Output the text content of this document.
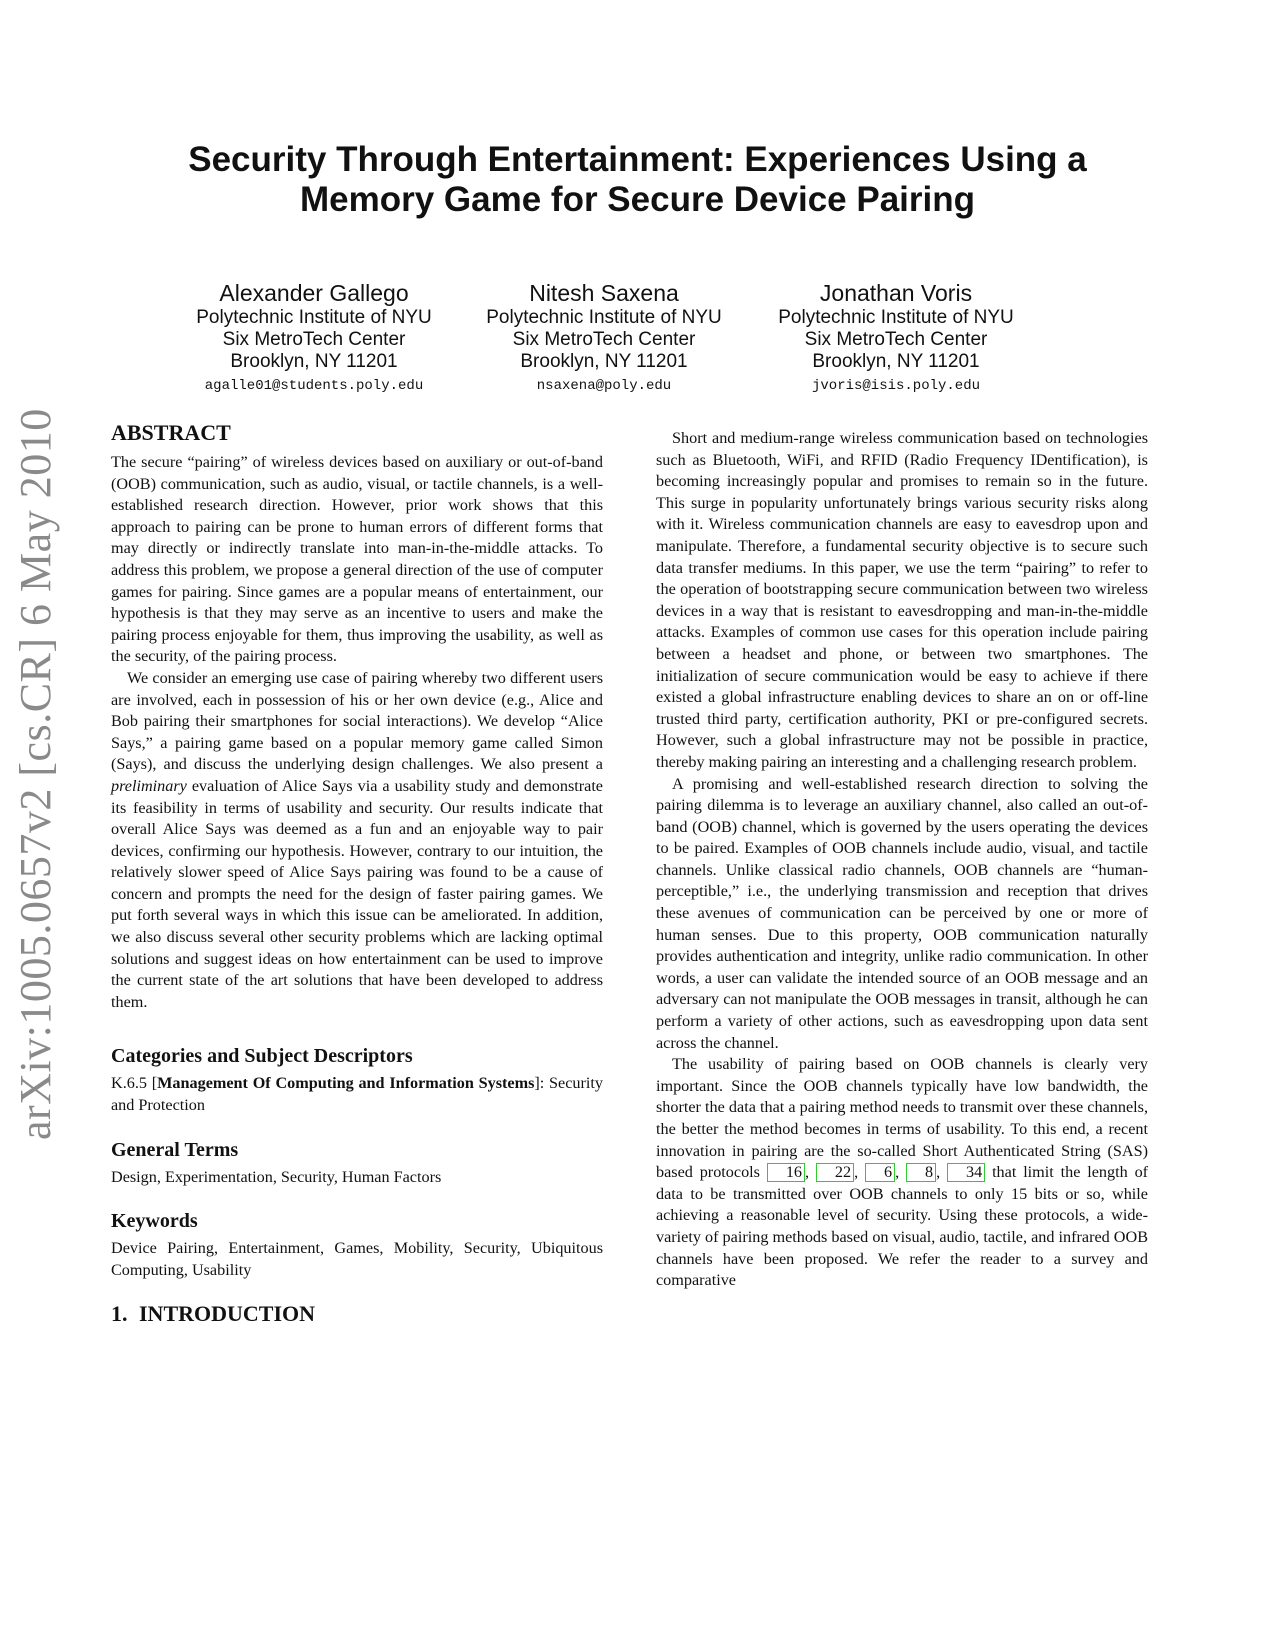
arXiv:1005.0657v2 [cs.CR] 6 May 2010
Security Through Entertainment: Experiences Using a
Memory Game for Secure Device Pairing
Alexander Gallego
Polytechnic Institute of NYU
Six MetroTech Center
Brooklyn, NY 11201
agalle01@students.poly.edu
Nitesh Saxena
Polytechnic Institute of NYU
Six MetroTech Center
Brooklyn, NY 11201
nsaxena@poly.edu
Jonathan Voris
Polytechnic Institute of NYU
Six MetroTech Center
Brooklyn, NY 11201
jvoris@isis.poly.edu
ABSTRACT

The secure “pairing” of wireless devices based on auxiliary or out-of-band (OOB) communication, such as audio, visual, or tactile channels, is a well-established research direction. However, prior work shows that this approach to pairing can be prone to human errors of different forms that may directly or indirectly translate into man-in-the-middle attacks. To address this problem, we propose a general direction of the use of computer games for pairing. Since games are a popular means of entertainment, our hypothesis is that they may serve as an incentive to users and make the pairing process enjoyable for them, thus improving the usability, as well as the security, of the pairing process.

We consider an emerging use case of pairing whereby two different users are involved, each in possession of his or her own device (e.g., Alice and Bob pairing their smartphones for social interactions). We develop “Alice Says,” a pairing game based on a popular memory game called Simon (Says), and discuss the underlying design challenges. We also present a preliminary evaluation of Alice Says via a usability study and demonstrate its feasibility in terms of usability and security. Our results indicate that overall Alice Says was deemed as a fun and an enjoyable way to pair devices, confirming our hypothesis. However, contrary to our intuition, the relatively slower speed of Alice Says pairing was found to be a cause of concern and prompts the need for the design of faster pairing games. We put forth several ways in which this issue can be ameliorated. In addition, we also discuss several other security problems which are lacking optimal solutions and suggest ideas on how entertainment can be used to improve the current state of the art solutions that have been developed to address them.

Categories and Subject Descriptors

K.6.5 [Management Of Computing and Information Systems]: Security and Protection

General Terms

Design, Experimentation, Security, Human Factors

Keywords

Device Pairing, Entertainment, Games, Mobility, Security, Ubiquitous Computing, Usability

1. INTRODUCTION

Short and medium-range wireless communication based on technologies such as Bluetooth, WiFi, and RFID (Radio Frequency IDentification), is becoming increasingly popular and promises to remain so in the future. This surge in popularity unfortunately brings various security risks along with it. Wireless communication channels are easy to eavesdrop upon and manipulate. Therefore, a fundamental security objective is to secure such data transfer mediums. In this paper, we use the term “pairing” to refer to the operation of bootstrapping secure communication between two wireless devices in a way that is resistant to eavesdropping and man-in-the-middle attacks. Examples of common use cases for this operation include pairing between a headset and phone, or between two smartphones. The initialization of secure communication would be easy to achieve if there existed a global infrastructure enabling devices to share an on or off-line trusted third party, certification authority, PKI or pre-configured secrets. However, such a global infrastructure may not be possible in practice, thereby making pairing an interesting and a challenging research problem.

A promising and well-established research direction to solving the pairing dilemma is to leverage an auxiliary channel, also called an out-of-band (OOB) channel, which is governed by the users operating the devices to be paired. Examples of OOB channels include audio, visual, and tactile channels. Unlike classical radio channels, OOB channels are “human-perceptible,” i.e., the underlying transmission and reception that drives these avenues of communication can be perceived by one or more of human senses. Due to this property, OOB communication naturally provides authentication and integrity, unlike radio communication. In other words, a user can validate the intended source of an OOB message and an adversary can not manipulate the OOB messages in transit, although he can perform a variety of other actions, such as eavesdropping upon data sent across the channel.

The usability of pairing based on OOB channels is clearly very important. Since the OOB channels typically have low bandwidth, the shorter the data that a pairing method needs to transmit over these channels, the better the method becomes in terms of usability. To this end, a recent innovation in pairing are the so-called Short Authenticated String (SAS) based protocols 16 , 22 , 6 , 8 , 34 that limit the length of data to be transmitted over OOB channels to only 15 bits or so, while achieving a reasonable level of security. Using these protocols, a wide-variety of pairing methods based on visual, audio, tactile, and infrared OOB channels have been proposed. We refer the reader to a survey and comparative
